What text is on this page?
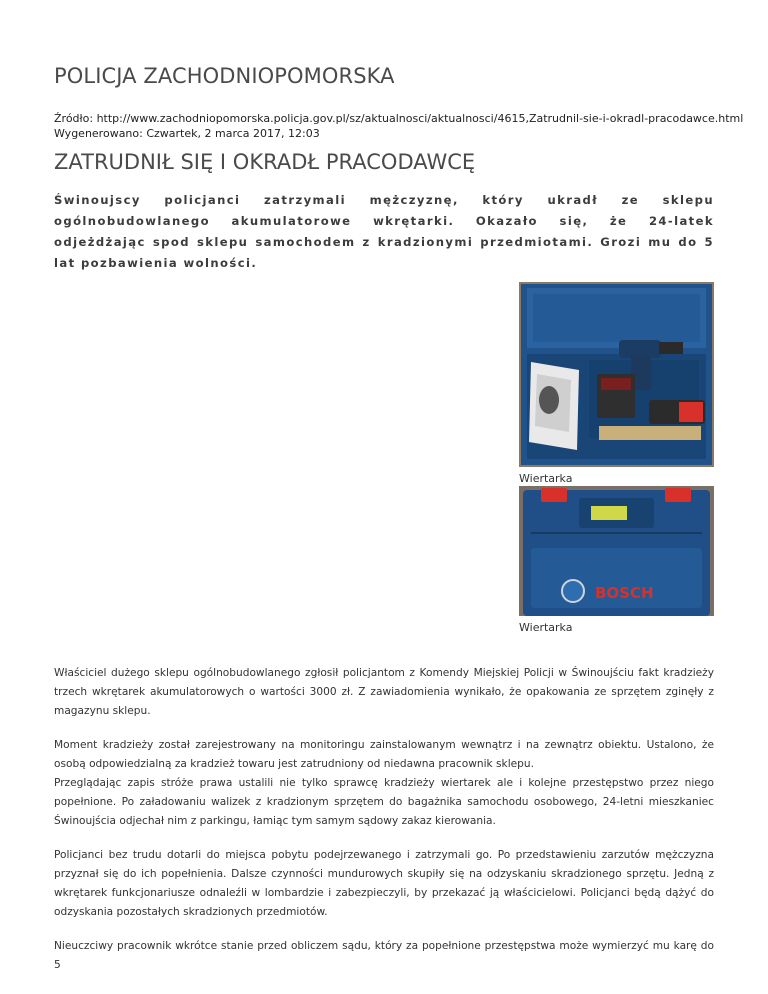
POLICJA ZACHODNIOPOMORSKA
Źródło: http://www.zachodniopomorska.policja.gov.pl/sz/aktualnosci/aktualnosci/4615,Zatrudnil-sie-i-okradl-pracodawce.html
Wygenerowano: Czwartek, 2 marca 2017, 12:03
ZATRUDNIŁ SIĘ I OKRADŁ PRACODAWCĘ

Świnoujscy policjanci zatrzymali mężczyznę, który ukradł ze sklepu ogólnobudowlanego akumulatorowe wkrętarki. Okazało się, że 24-latek odjeżdżając spod sklepu samochodem z kradzionymi przedmiotami. Grozi mu do 5 lat pozbawienia wolności.

Wiertarka
BOSCH
Wiertarka

Właściciel dużego sklepu ogólnobudowlanego zgłosił policjantom z Komendy Miejskiej Policji w Świnoujściu fakt kradzieży trzech wkrętarek akumulatorowych o wartości 3000 zł. Z zawiadomienia wynikało, że opakowania ze sprzętem zginęły z magazynu sklepu.

Moment kradzieży został zarejestrowany na monitoringu zainstalowanym wewnątrz i na zewnątrz obiektu. Ustalono, że osobą odpowiedzialną za kradzież towaru jest zatrudniony od niedawna pracownik sklepu.

Przeglądając zapis stróże prawa ustalili nie tylko sprawcę kradzieży wiertarek ale i kolejne przestępstwo przez niego popełnione. Po załadowaniu walizek z kradzionym sprzętem do bagażnika samochodu osobowego, 24-letni mieszkaniec Świnoujścia odjechał nim z parkingu, łamiąc tym samym sądowy zakaz kierowania.

Policjanci bez trudu dotarli do miejsca pobytu podejrzewanego i zatrzymali go. Po przedstawieniu zarzutów mężczyzna przyznał się do ich popełnienia. Dalsze czynności mundurowych skupiły się na odzyskaniu skradzionego sprzętu. Jedną z wkrętarek funkcjonariusze odnaleźli w lombardzie i zabezpieczyli, by przekazać ją właścicielowi. Policjanci będą dążyć do odzyskania pozostałych skradzionych przedmiotów.

Nieuczciwy pracownik wkrótce stanie przed obliczem sądu, który za popełnione przestępstwa może wymierzyć mu karę do 5
